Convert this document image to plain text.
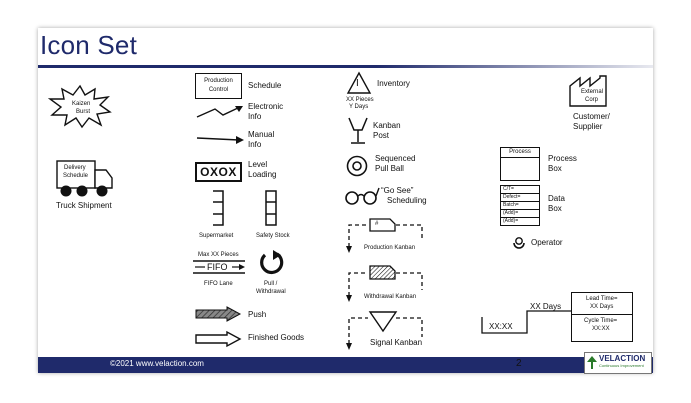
Icon Set
Kaizen
Burst
Delivery
Schedule
Truck Shipment
Production
Control	Schedule
Electronic
Info
Manual
Info
OXOX
Level
Loading
Supermarket	Safety Stock
Max XX Pieces
FIFO
FIFO Lane	Pull /
Withdrawal
Push
Finished Goods
I
XX Pieces
Y Days
Inventory
Kanban
Post
Sequenced
Pull Ball
“Go See”
Scheduling
#
Production Kanban
Withdrawal Kanban
Signal Kanban
External
Corp
Customer/
Supplier
Process
Process
Box
C/T=
Defect=
Batch=
(Add)=
(Add)=
Data
Box
Operator
XX Days
XX:XX
Lead Time=
XX Days
Cycle Time=
XX:XX
©2021 www.velaction.com	2	VELACTION
Continuous Improvement
